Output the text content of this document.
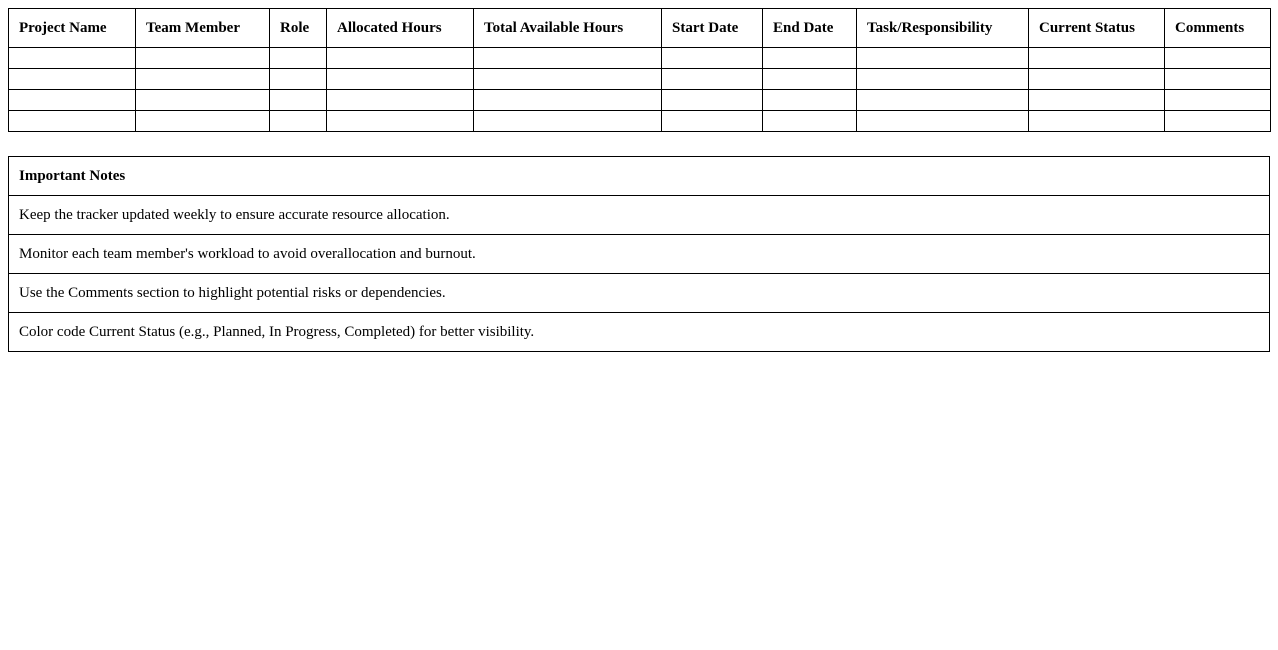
Project Name	Team Member	Role	Allocated Hours	Total Available Hours	Start Date	End Date	Task/Responsibility	Current Status	Comments

Important Notes
Keep the tracker updated weekly to ensure accurate resource allocation.
Monitor each team member's workload to avoid overallocation and burnout.
Use the Comments section to highlight potential risks or dependencies.
Color code Current Status (e.g., Planned, In Progress, Completed) for better visibility.
